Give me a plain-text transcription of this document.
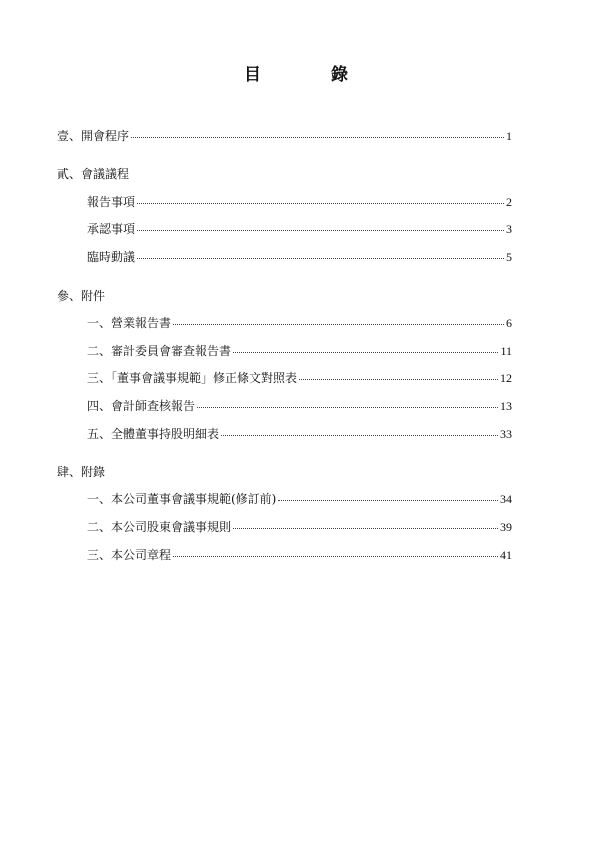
目	錄
壹、開會程序	1
貳、會議議程
報告事項	2
承認事項	3
臨時動議	5
參、附件
一、營業報告書	6
二、審計委員會審查報告書	11
三、「董事會議事規範」修正條文對照表	12
四、會計師查核報告	13
五、全體董事持股明細表	33
肆、附錄
一、本公司董事會議事規範(修訂前)	34
二、本公司股東會議事規則	39
三、本公司章程	41
